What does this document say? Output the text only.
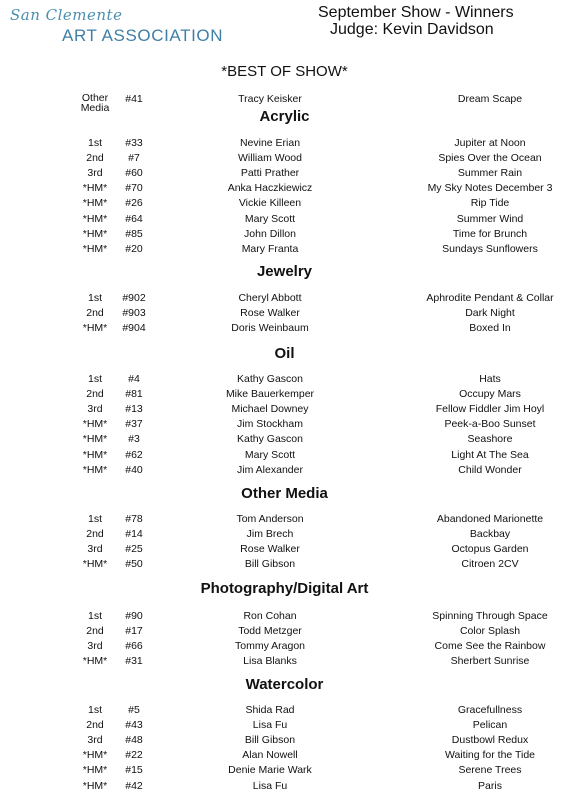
San Clemente
ART ASSOCIATION
September Show - Winners
Judge: Kevin Davidson
*BEST OF SHOW*
Other
Media
#41	Tracy Keisker	Dream Scape
Acrylic
1st	#33	Nevine Erian	Jupiter at Noon
2nd	#7	William Wood	Spies Over the Ocean
3rd	#60	Patti Prather	Summer Rain
*HM*	#70	Anka Haczkiewicz	My Sky Notes December 3
*HM*	#26	Vickie Killeen	Rip Tide
*HM*	#64	Mary Scott	Summer Wind
*HM*	#85	John Dillon	Time for Brunch
*HM*	#20	Mary Franta	Sundays Sunflowers
Jewelry
1st	#902	Cheryl Abbott	Aphrodite Pendant & Collar
2nd	#903	Rose Walker	Dark Night
*HM*	#904	Doris Weinbaum	Boxed In
Oil
1st	#4	Kathy Gascon	Hats
2nd	#81	Mike Bauerkemper	Occupy Mars
3rd	#13	Michael Downey	Fellow Fiddler Jim Hoyl
*HM*	#37	Jim Stockham	Peek-a-Boo Sunset
*HM*	#3	Kathy Gascon	Seashore
*HM*	#62	Mary Scott	Light At The Sea
*HM*	#40	Jim Alexander	Child Wonder
Other Media
1st	#78	Tom Anderson	Abandoned Marionette
2nd	#14	Jim Brech	Backbay
3rd	#25	Rose Walker	Octopus Garden
*HM*	#50	Bill Gibson	Citroen 2CV
Photography/Digital Art
1st	#90	Ron Cohan	Spinning Through Space
2nd	#17	Todd Metzger	Color Splash
3rd	#66	Tommy Aragon	Come See the Rainbow
*HM*	#31	Lisa Blanks	Sherbert Sunrise
Watercolor
1st	#5	Shida Rad	Gracefullness
2nd	#43	Lisa Fu	Pelican
3rd	#48	Bill Gibson	Dustbowl Redux
*HM*	#22	Alan Nowell	Waiting for the Tide
*HM*	#15	Denie Marie Wark	Serene Trees
*HM*	#42	Lisa Fu	Paris
